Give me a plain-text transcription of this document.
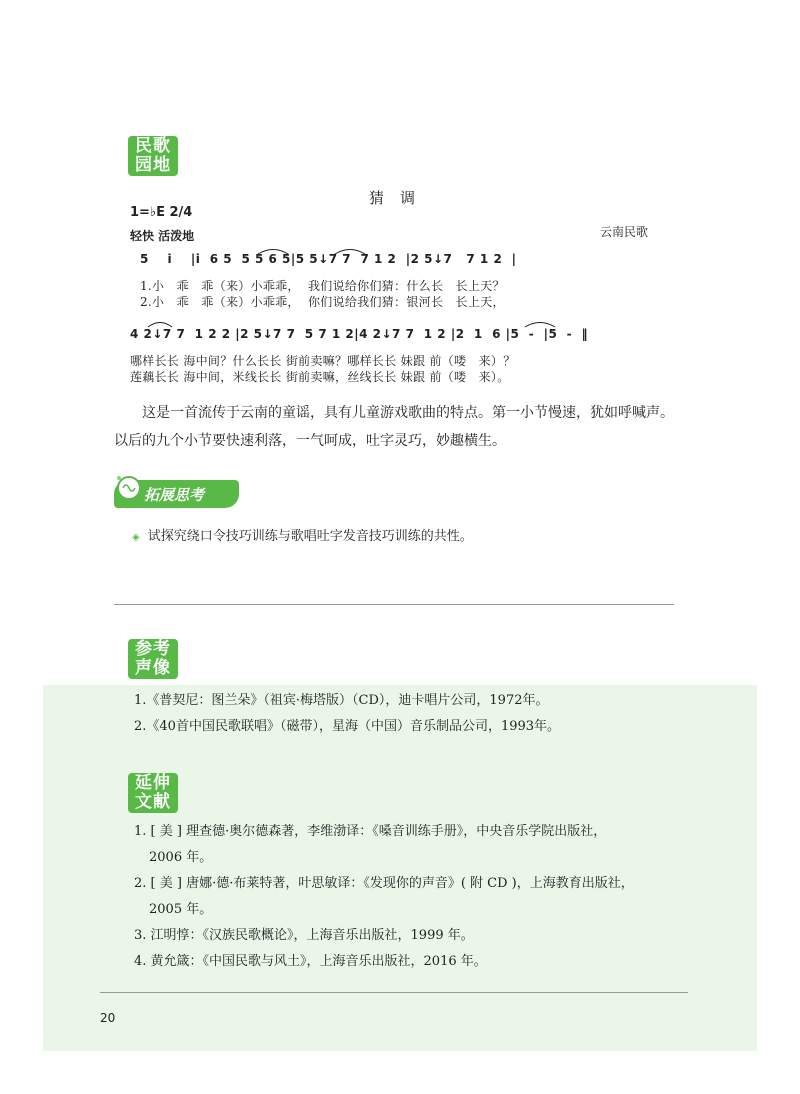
民歌
园地
猜调
1=♭E 2/4
轻快 活泼地	云南民歌
5    i    |i  6 5  5 5 6 5|5 5↓7 7  7 1 2  |2 5↓7   7 1 2  |
1.小   乖   乖（来）小乖乖，  我们说给你们猜：什么长   长上天？
2.小   乖   乖（来）小乖乖，  你们说给我们猜：银河长   长上天，
4 2↓7 7  1 2 2 |2 5↓7 7  5 7 1 2|4 2↓7 7  1 2 |2  1  6 |5  -  |5  -  ‖
哪样长长 海中间？什么长长 街前卖嘛？哪样长长 妹跟 前（喽   来）？
莲藕长长 海中间，米线长长 街前卖嘛，丝线长长 妹跟 前（喽   来）。

这是一首流传于云南的童谣，具有儿童游戏歌曲的特点。第一小节慢速，犹如呼喊声。

以后的九个小节要快速利落，一气呵成，吐字灵巧，妙趣横生。

拓展思考
◈ 试探究绕口令技巧训练与歌唱吐字发音技巧训练的共性。
参考
声像
1.《普契尼：图兰朵》（祖宾·梅塔版）（CD），迪卡唱片公司，1972年。
2.《40首中国民歌联唱》（磁带），星海（中国）音乐制品公司，1993年。
延伸
文献
1. [ 美 ] 理查德·奥尔德森著，李维渤译：《嗓音训练手册》，中央音乐学院出版社，
2006 年。
2. [ 美 ] 唐娜·德·布莱特著，叶思敏译：《发现你的声音》( 附 CD )，上海教育出版社，
2005 年。
3. 江明惇：《汉族民歌概论》，上海音乐出版社，1999 年。
4. 黄允箴：《中国民歌与风土》，上海音乐出版社，2016 年。
20
